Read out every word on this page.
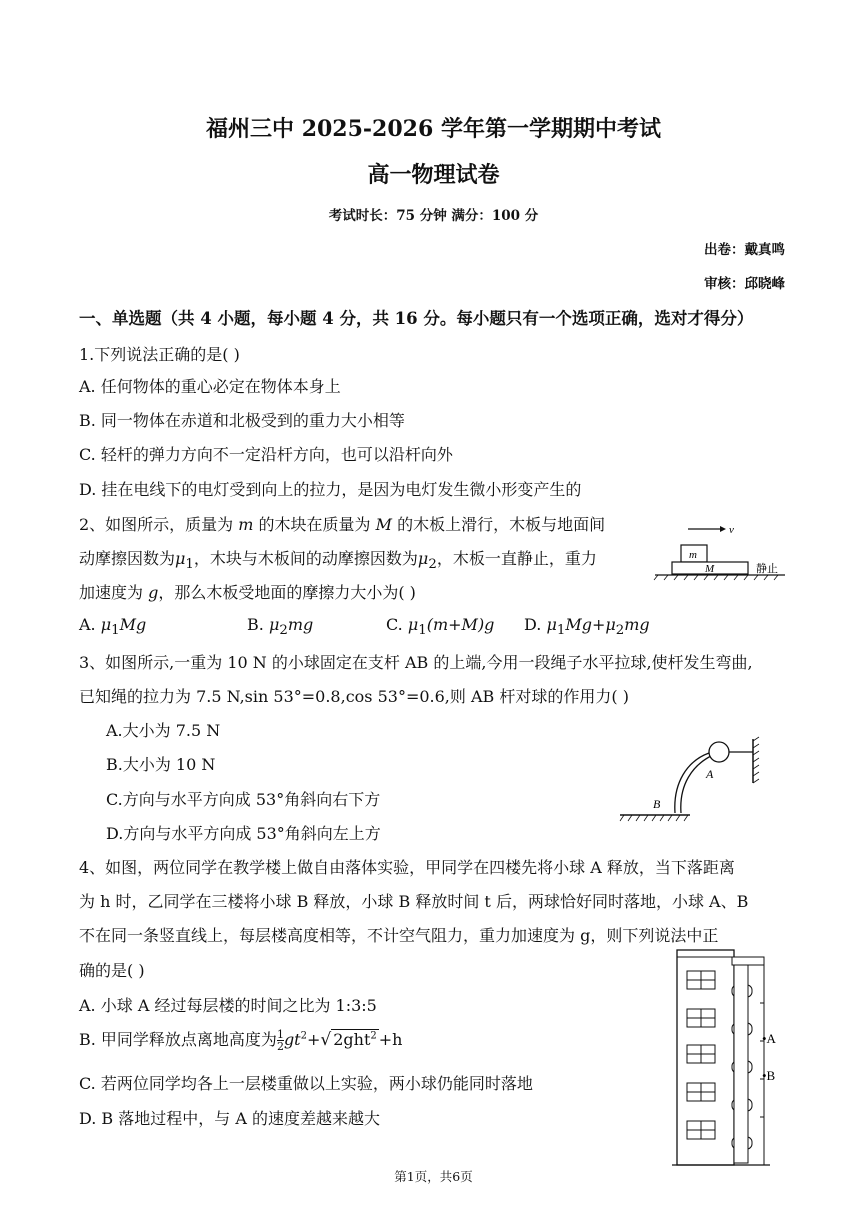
福州三中 2025-2026 学年第一学期期中考试
高一物理试卷
考试时长：75 分钟 满分：100 分
出卷：戴真鸣
审核：邱晓峰
一、单选题（共 4 小题，每小题 4 分，共 16 分。每小题只有一个选项正确，选对才得分）
1.下列说法正确的是( )
A. 任何物体的重心必定在物体本身上
B. 同一物体在赤道和北极受到的重力大小相等
C. 轻杆的弹力方向不一定沿杆方向，也可以沿杆向外
D. 挂在电线下的电灯受到向上的拉力，是因为电灯发生微小形变产生的
2、如图所示，质量为 m 的木块在质量为 M 的木板上滑行，木板与地面间
动摩擦因数为$\mu_1$，木块与木板间的动摩擦因数为$\mu_2$，木板一直静止，重力
加速度为 g，那么木板受地面的摩擦力大小为( )
A. $\mu_1Mg$	B. $\mu_2mg$	C. $\mu_1(m+M)g$ D. $\mu_1Mg+\mu_2mg$
v
m
M	静止
3、如图所示,一重为 10 N 的小球固定在支杆 AB 的上端,今用一段绳子水平拉球,使杆发生弯曲,
已知绳的拉力为 7.5 N,sin 53°=0.8,cos 53°=0.6,则 AB 杆对球的作用力( )
A.大小为 7.5 N
B.大小为 10 N
C.方向与水平方向成 53°角斜向右下方
D.方向与水平方向成 53°角斜向左上方
A
B
4、如图，两位同学在教学楼上做自由落体实验，甲同学在四楼先将小球 A 释放，当下落距离
为 h 时，乙同学在三楼将小球 B 释放，小球 B 释放时间 t 后，两球恰好同时落地，小球 A、B
不在同一条竖直线上，每层楼高度相等，不计空气阻力，重力加速度为 g，则下列说法中正
确的是( )
A. 小球 A 经过每层楼的时间之比为 1:3:5
B. 甲同学释放点离地高度为 $\frac{1}{2} gt^2+√$ 2ght$^2$ +h
C. 若两位同学均各上一层楼重做以上实验，两小球仍能同时落地
D. B 落地过程中，与 A 的速度差越来越大
•A
•B
第1页，共6页
